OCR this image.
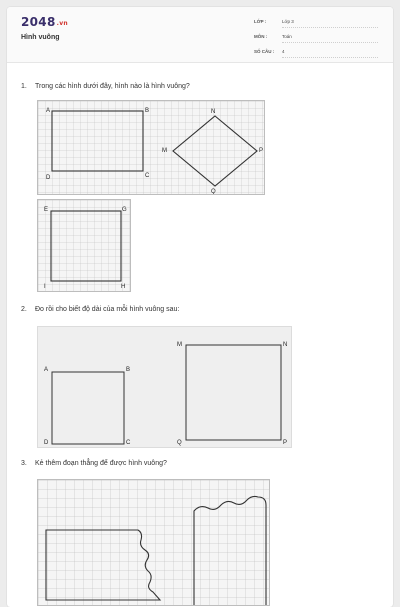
2048.vn
Hình vuông
LỚP :	Lớp 3
MÔN :	Toán
SỐ CÂU : 4
1. Trong các hình dưới đây, hình nào là hình vuông?
A	B
C
D
N
P
Q
M
E	G
H
I
2. Đo rồi cho biết độ dài của mỗi hình vuông sau:
A	B
C
D
M	N
P
Q
3. Kẻ thêm đoạn thẳng để được hình vuông?
